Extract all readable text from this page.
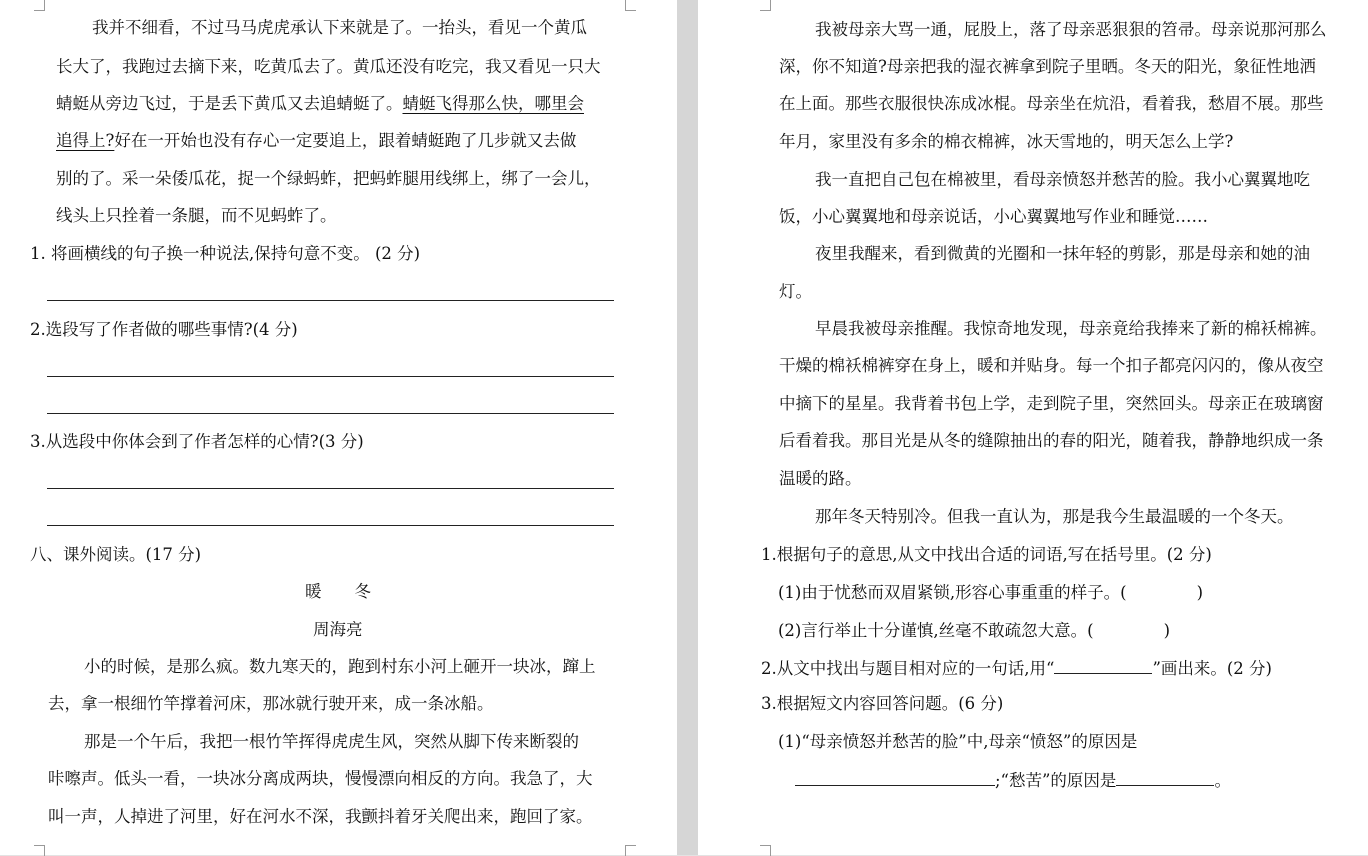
我并不细看，不过马马虎虎承认下来就是了。一抬头，看见一个黄瓜
长大了，我跑过去摘下来，吃黄瓜去了。黄瓜还没有吃完，我又看见一只大
蜻蜓从旁边飞过，于是丢下黄瓜又去追蜻蜓了。蜻蜓飞得那么快，哪里会
追得上?好在一开始也没有存心一定要追上，跟着蜻蜓跑了几步就又去做
别的了。采一朵倭瓜花，捉一个绿蚂蚱，把蚂蚱腿用线绑上，绑了一会儿，
线头上只拴着一条腿，而不见蚂蚱了。
1. 将画横线的句子换一种说法,保持句意不变。 (2 分)
2.选段写了作者做的哪些事情?(4 分)
3.从选段中你体会到了作者怎样的心情?(3 分)
八、课外阅读。(17 分)
暖　　冬
周海亮
小的时候，是那么疯。数九寒天的，跑到村东小河上砸开一块冰，蹿上
去，拿一根细竹竿撑着河床，那冰就行驶开来，成一条冰船。
那是一个午后，我把一根竹竿挥得虎虎生风，突然从脚下传来断裂的
咔嚓声。低头一看，一块冰分离成两块，慢慢漂向相反的方向。我急了，大
叫一声，人掉进了河里，好在河水不深，我颤抖着牙关爬出来，跑回了家。
我被母亲大骂一通，屁股上，落了母亲恶狠狠的笤帚。母亲说那河那么
深，你不知道?母亲把我的湿衣裤拿到院子里晒。冬天的阳光，象征性地洒
在上面。那些衣服很快冻成冰棍。母亲坐在炕沿，看着我，愁眉不展。那些
年月，家里没有多余的棉衣棉裤，冰天雪地的，明天怎么上学?
我一直把自己包在棉被里，看母亲愤怒并愁苦的脸。我小心翼翼地吃
饭，小心翼翼地和母亲说话，小心翼翼地写作业和睡觉……
夜里我醒来，看到微黄的光圈和一抹年轻的剪影，那是母亲和她的油
灯。
早晨我被母亲推醒。我惊奇地发现，母亲竟给我捧来了新的棉袄棉裤。
干燥的棉袄棉裤穿在身上，暖和并贴身。每一个扣子都亮闪闪的，像从夜空
中摘下的星星。我背着书包上学，走到院子里，突然回头。母亲正在玻璃窗
后看着我。那目光是从冬的缝隙抽出的春的阳光，随着我，静静地织成一条
温暖的路。
那年冬天特别冷。但我一直认为，那是我今生最温暖的一个冬天。
1.根据句子的意思,从文中找出合适的词语,写在括号里。(2 分)
(1)由于忧愁而双眉紧锁,形容心事重重的样子。(	)
(2)言行举止十分谨慎,丝毫不敢疏忽大意。(	)
2.从文中找出与题目相对应的一句话,用“	”画出来。(2 分)
3.根据短文内容回答问题。(6 分)
(1)“母亲愤怒并愁苦的脸”中,母亲“愤怒”的原因是
;“愁苦”的原因是	。
